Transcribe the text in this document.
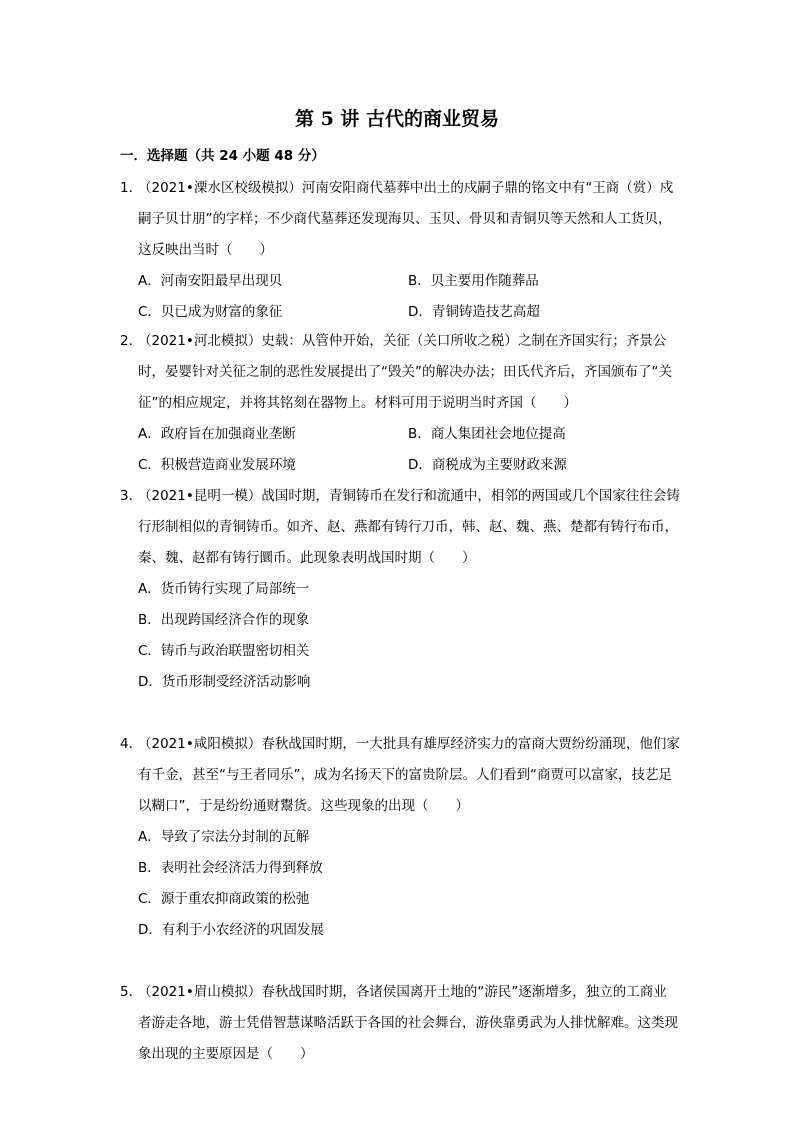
第 5 讲 古代的商业贸易
一．选择题（共 24 小题 48 分）
1．
（2021•溧水区校级模拟）河南安阳商代墓葬中出土的戍嗣子鼎的铭文中有“王商（赏）戍嗣子贝廿朋”的字样；不少商代墓葬还发现海贝、玉贝、骨贝和青铜贝等天然和人工货贝，这反映出当时（　　）
A．河南安阳最早出现贝	B．贝主要用作随葬品
C．贝已成为财富的象征	D．青铜铸造技艺高超
2．
（2021•河北模拟）史载：从管仲开始，关征（关口所收之税）之制在齐国实行；齐景公时，晏婴针对关征之制的恶性发展提出了“毁关”的解决办法；田氏代齐后，齐国颁布了“关征”的相应规定，并将其铭刻在器物上。材料可用于说明当时齐国（　　）
A．政府旨在加强商业垄断	B．商人集团社会地位提高
C．积极营造商业发展环境	D．商税成为主要财政来源
3．
（2021•昆明一模）战国时期，青铜铸币在发行和流通中，相邻的两国或几个国家往往会铸行形制相似的青铜铸币。如齐、赵、燕都有铸行刀币，韩、赵、魏、燕、楚都有铸行布币，秦、魏、赵都有铸行圜币。此现象表明战国时期（　　）
A．货币铸行实现了局部统一
B．出现跨国经济合作的现象
C．铸币与政治联盟密切相关
D．货币形制受经济活动影响
4．
（2021•咸阳模拟）春秋战国时期，一大批具有雄厚经济实力的富商大贾纷纷涌现，他们家有千金，甚至“与王者同乐”，成为名扬天下的富贵阶层。人们看到“商贾可以富家，技艺足以糊口”，于是纷纷通财鬻货。这些现象的出现（　　）
A．导致了宗法分封制的瓦解
B．表明社会经济活力得到释放
C．源于重农抑商政策的松弛
D．有利于小农经济的巩固发展
5．
（2021•眉山模拟）春秋战国时期，各诸侯国离开土地的“游民”逐渐增多，独立的工商业者游走各地，游士凭借智慧谋略活跃于各国的社会舞台，游侠靠勇武为人排忧解难。这类现象出现的主要原因是（　　）
